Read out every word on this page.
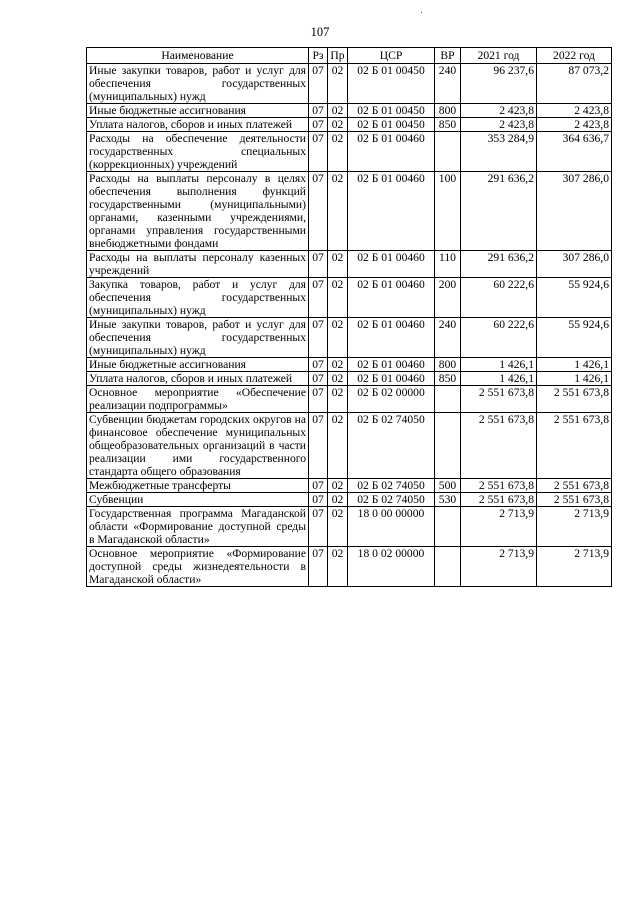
107
Наименование	Рз	Пр	ЦСР	ВР	2021 год	2022 год
Иные закупки товаров, работ и услуг для обеспечения государственных (муниципальных) нужд	07	02	02 Б 01 00450	240	96 237,6	87 073,2
Иные бюджетные ассигнования	07	02	02 Б 01 00450	800	2 423,8	2 423,8
Уплата налогов, сборов и иных платежей	07	02	02 Б 01 00450	850	2 423,8	2 423,8
Расходы на обеспечение деятельности государственных специальных (коррекционных) учреждений	07	02	02 Б 01 00460		353 284,9	364 636,7
Расходы на выплаты персоналу в целях обеспечения выполнения функций государственными (муниципальными) органами, казенными учреждениями, органами управления государственными внебюджетными фондами	07	02	02 Б 01 00460	100	291 636,2	307 286,0
Расходы на выплаты персоналу казенных учреждений	07	02	02 Б 01 00460	110	291 636,2	307 286,0
Закупка товаров, работ и услуг для обеспечения государственных (муниципальных) нужд	07	02	02 Б 01 00460	200	60 222,6	55 924,6
Иные закупки товаров, работ и услуг для обеспечения государственных (муниципальных) нужд	07	02	02 Б 01 00460	240	60 222,6	55 924,6
Иные бюджетные ассигнования	07	02	02 Б 01 00460	800	1 426,1	1 426,1
Уплата налогов, сборов и иных платежей	07	02	02 Б 01 00460	850	1 426,1	1 426,1
Основное мероприятие «Обеспечение реализации подпрограммы»	07	02	02 Б 02 00000		2 551 673,8	2 551 673,8
Субвенции бюджетам городских округов на финансовое обеспечение муниципальных общеобразовательных организаций в части реализации ими государственного стандарта общего образования	07	02	02 Б 02 74050		2 551 673,8	2 551 673,8
Межбюджетные трансферты	07	02	02 Б 02 74050	500	2 551 673,8	2 551 673,8
Субвенции	07	02	02 Б 02 74050	530	2 551 673,8	2 551 673,8
Государственная программа Магаданской области «Формирование доступной среды в Магаданской области»	07	02	18 0 00 00000		2 713,9	2 713,9
Основное мероприятие «Формирование доступной среды жизнедеятельности в Магаданской области»	07	02	18 0 02 00000		2 713,9	2 713,9
